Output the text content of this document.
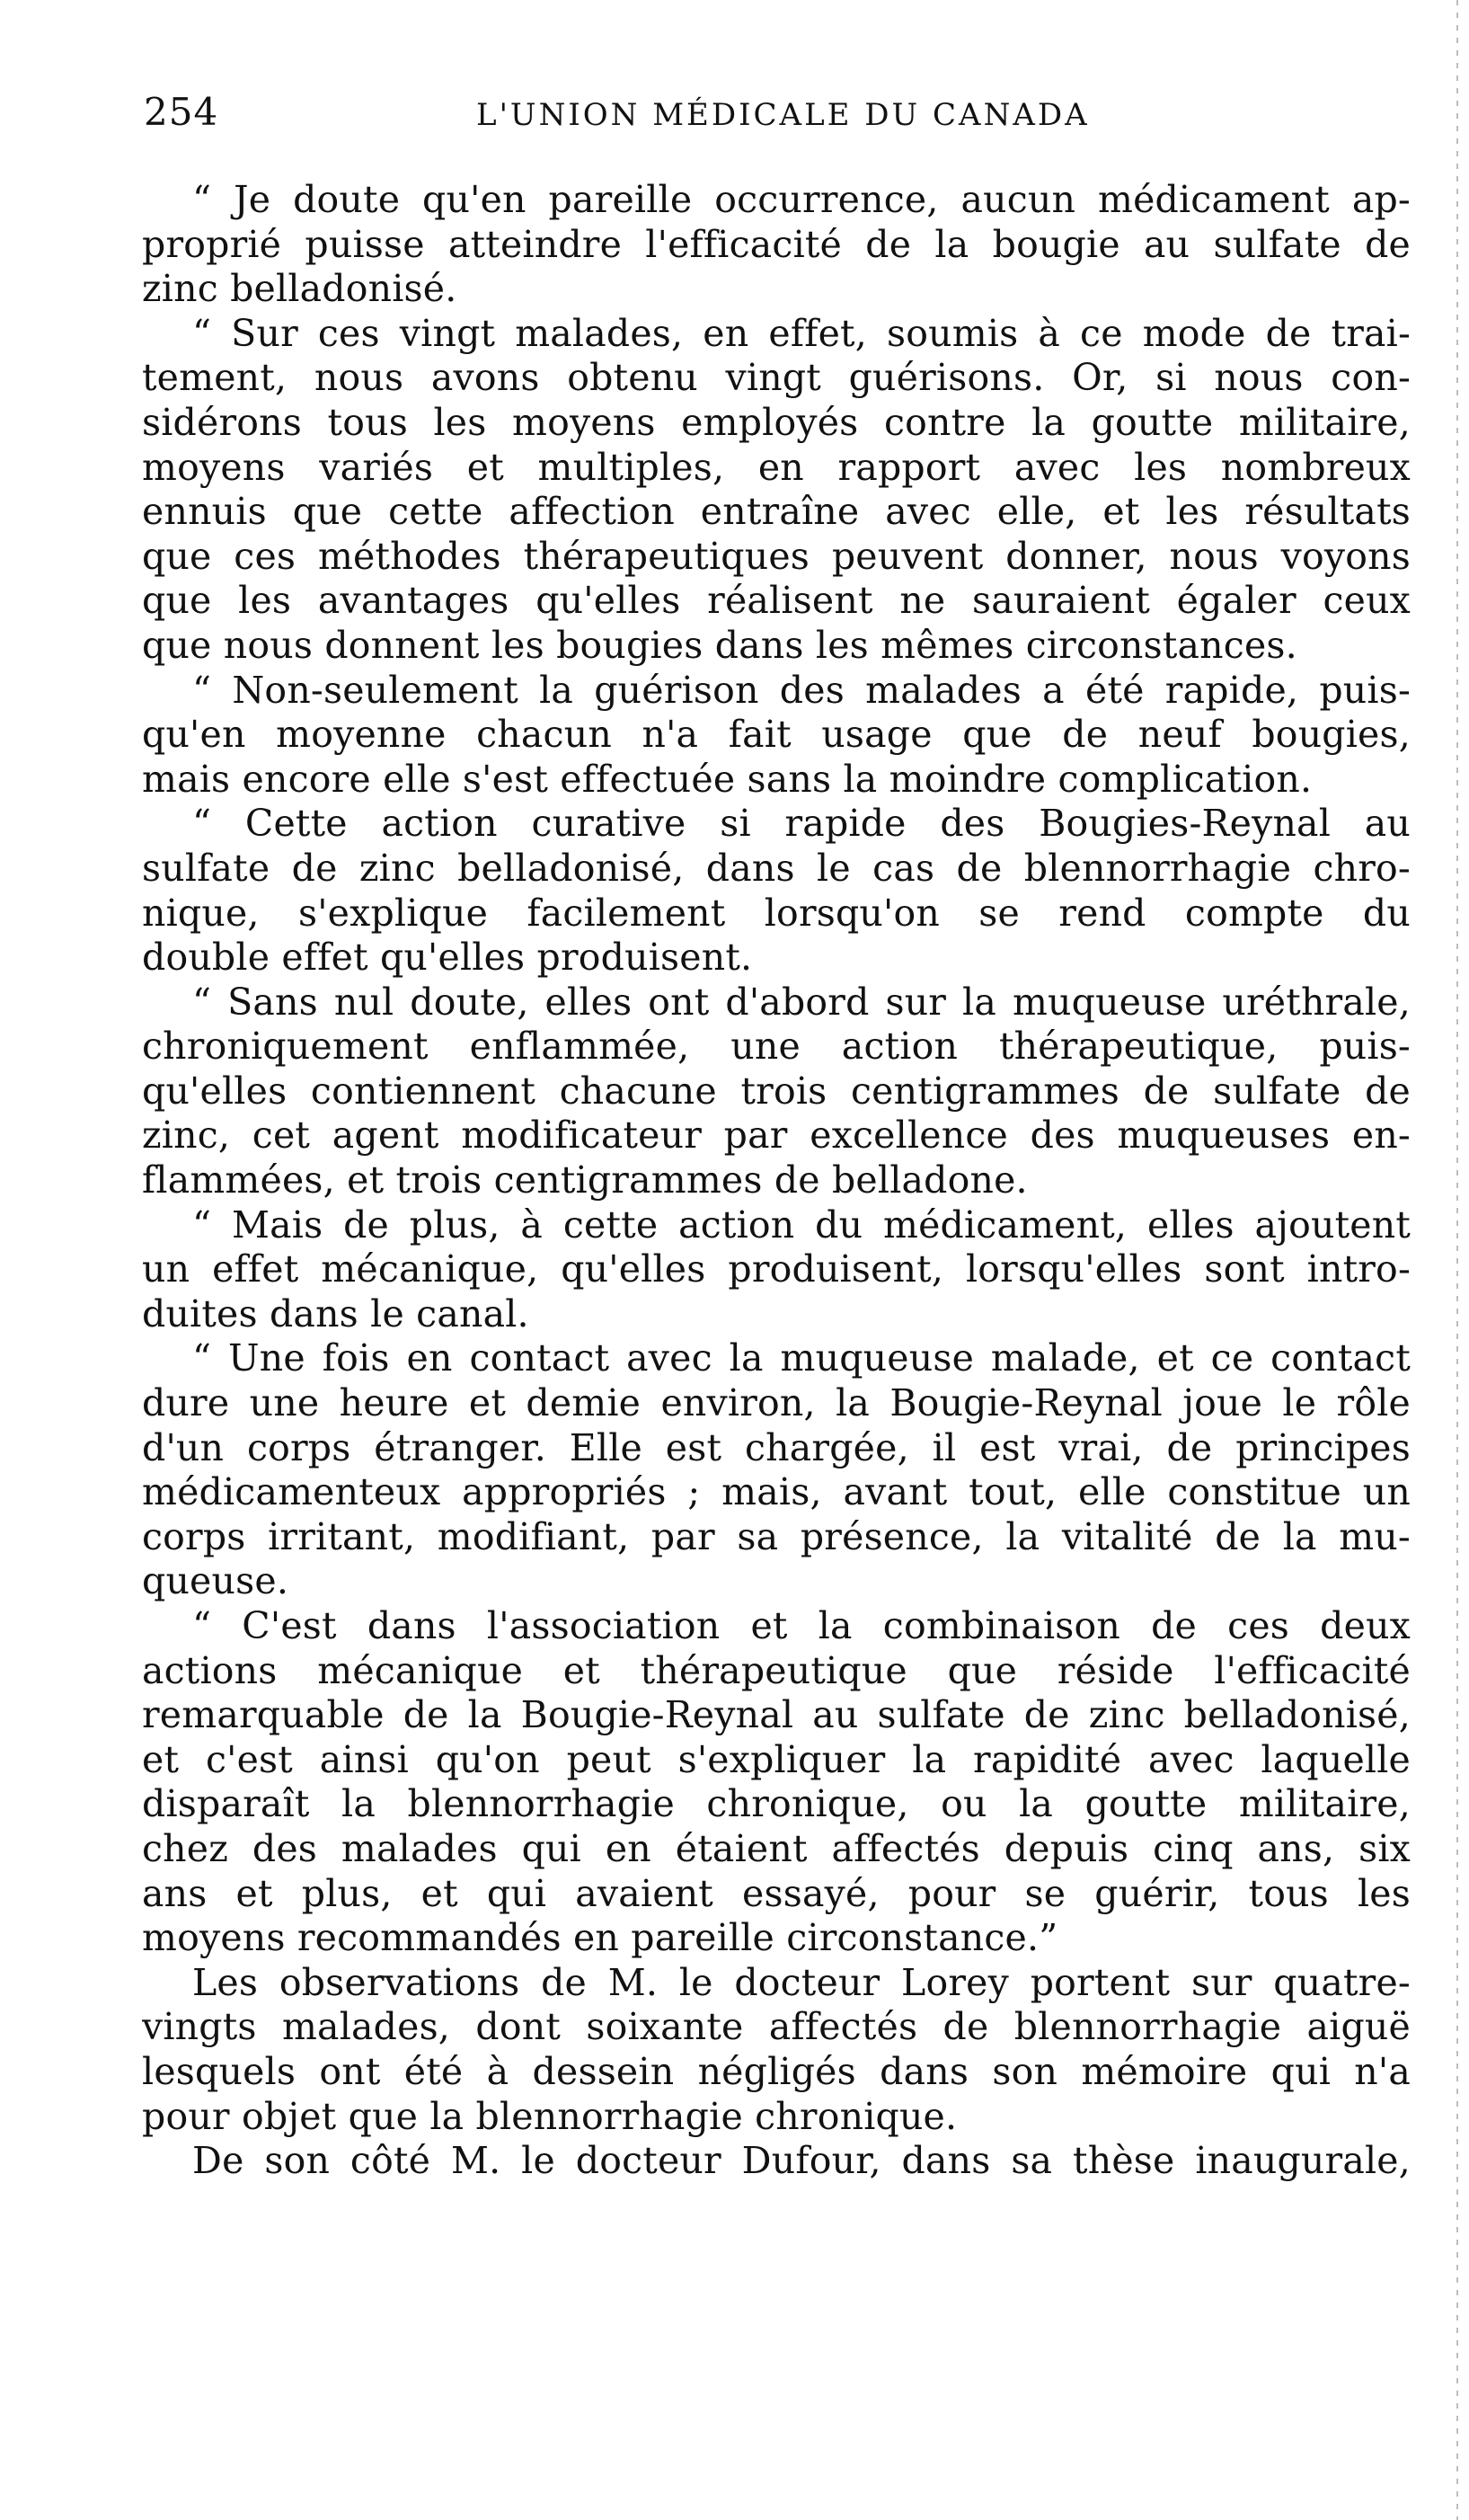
254	L'UNION MÉDICALE DU CANADA
“ Je doute qu'en pareille occurrence, aucun médicament ap-
proprié puisse atteindre l'efficacité de la bougie au sulfate de
zinc belladonisé.
“ Sur ces vingt malades, en effet, soumis à ce mode de trai-
tement, nous avons obtenu vingt guérisons. Or, si nous con-
sidérons tous les moyens employés contre la goutte militaire,
moyens variés et multiples, en rapport avec les nombreux
ennuis que cette affection entraîne avec elle, et les résultats
que ces méthodes thérapeutiques peuvent donner, nous voyons
que les avantages qu'elles réalisent ne sauraient égaler ceux
que nous donnent les bougies dans les mêmes circonstances.
“ Non-seulement la guérison des malades a été rapide, puis-
qu'en moyenne chacun n'a fait usage que de neuf bougies,
mais encore elle s'est effectuée sans la moindre complication.
“ Cette action curative si rapide des Bougies-Reynal au
sulfate de zinc belladonisé, dans le cas de blennorrhagie chro-
nique, s'explique facilement lorsqu'on se rend compte du
double effet qu'elles produisent.
“ Sans nul doute, elles ont d'abord sur la muqueuse uréthrale,
chroniquement enflammée, une action thérapeutique, puis-
qu'elles contiennent chacune trois centigrammes de sulfate de
zinc, cet agent modificateur par excellence des muqueuses en-
flammées, et trois centigrammes de belladone.
“ Mais de plus, à cette action du médicament, elles ajoutent
un effet mécanique, qu'elles produisent, lorsqu'elles sont intro-
duites dans le canal.
“ Une fois en contact avec la muqueuse malade, et ce contact
dure une heure et demie environ, la Bougie-Reynal joue le rôle
d'un corps étranger. Elle est chargée, il est vrai, de principes
médicamenteux appropriés ; mais, avant tout, elle constitue un
corps irritant, modifiant, par sa présence, la vitalité de la mu-
queuse.
“ C'est dans l'association et la combinaison de ces deux
actions mécanique et thérapeutique que réside l'efficacité
remarquable de la Bougie-Reynal au sulfate de zinc belladonisé,
et c'est ainsi qu'on peut s'expliquer la rapidité avec laquelle
disparaît la blennorrhagie chronique, ou la goutte militaire,
chez des malades qui en étaient affectés depuis cinq ans, six
ans et plus, et qui avaient essayé, pour se guérir, tous les
moyens recommandés en pareille circonstance.”
Les observations de M. le docteur Lorey portent sur quatre-
vingts malades, dont soixante affectés de blennorrhagie aiguë
lesquels ont été à dessein négligés dans son mémoire qui n'a
pour objet que la blennorrhagie chronique.
De son côté M. le docteur Dufour, dans sa thèse inaugurale,
